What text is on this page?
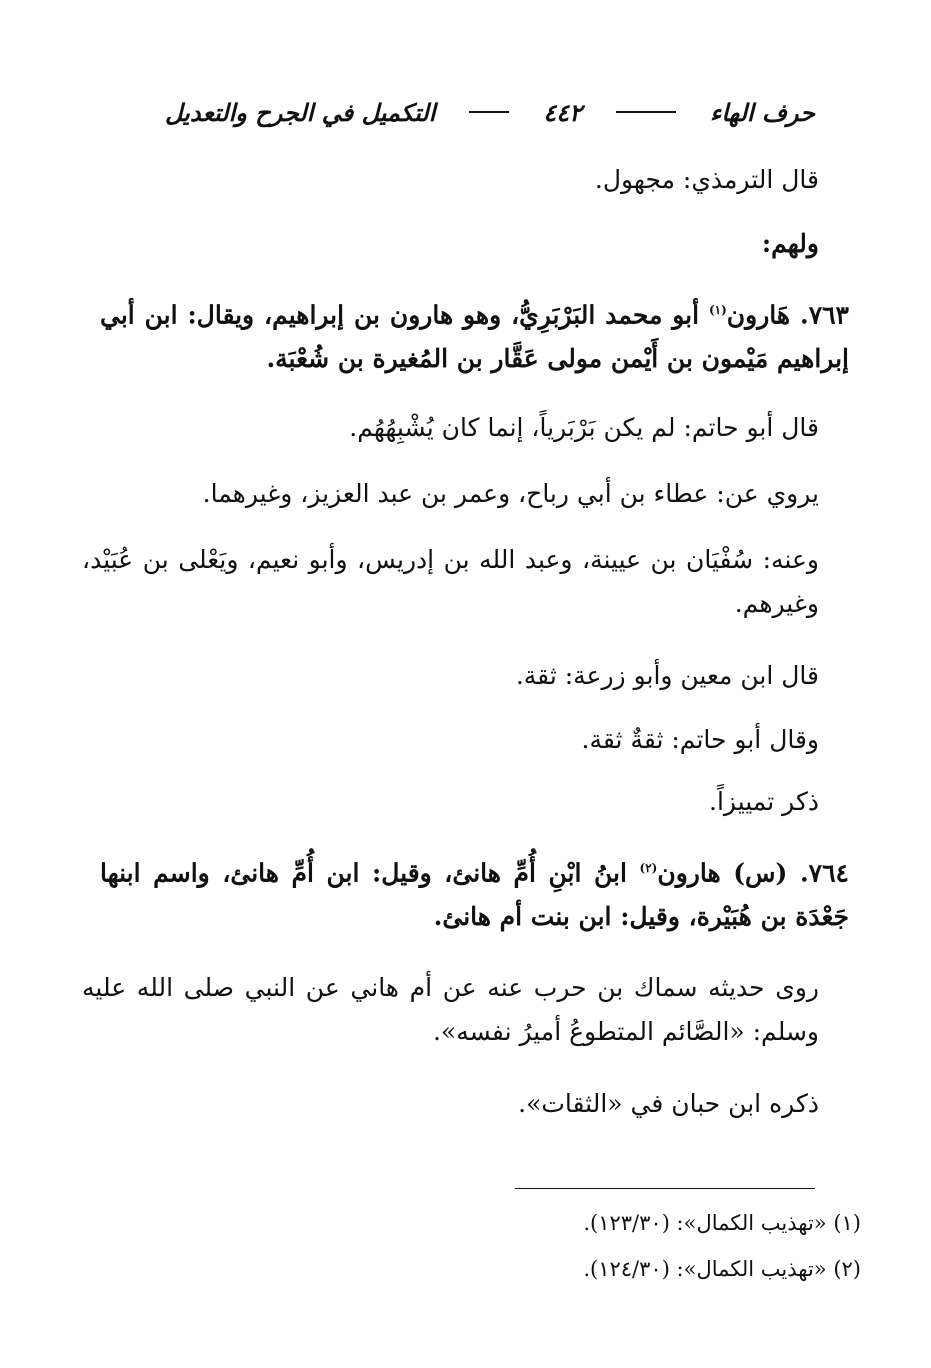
حرف الهاء
٤٤٢
التكميل في الجرح والتعديل
قال الترمذي: مجهول.
ولهم:
٧٦٣. هَارون$^{(١)}$ أبو محمد البَرْبَرِيُّ، وهو هارون بن إبراهيم، ويقال: ابن أبي إبراهيم مَيْمون بن أَيْمن مولى عَقَّار بن المُغيرة بن شُعْبَة.
قال أبو حاتم: لم يكن بَرْبَرياً، إنما كان يُشْبِهُهُم.
يروي عن: عطاء بن أبي رباح، وعمر بن عبد العزيز، وغيرهما.
وعنه: سُفْيَان بن عيينة، وعبد الله بن إدريس، وأبو نعيم، ويَعْلى بن عُبَيْد، وغيرهم.
قال ابن معين وأبو زرعة: ثقة.
وقال أبو حاتم: ثقةٌ ثقة.
ذكر تمييزاً.
٧٦٤. (س) هارون$^{(٢)}$ ابنُ ابْنِ أُمِّ هانئ، وقيل: ابن أُمِّ هانئ، واسم ابنها جَعْدَة بن هُبَيْرة، وقيل: ابن بنت أم هانئ.
روى حديثه سماك بن حرب عنه عن أم هاني عن النبي صلى الله عليه وسلم: «الصَّائم المتطوعُ أميرُ نفسه».
ذكره ابن حبان في «الثقات».
(١) «تهذيب الكمال»: (١٢٣/٣٠).
(٢) «تهذيب الكمال»: (١٢٤/٣٠).
